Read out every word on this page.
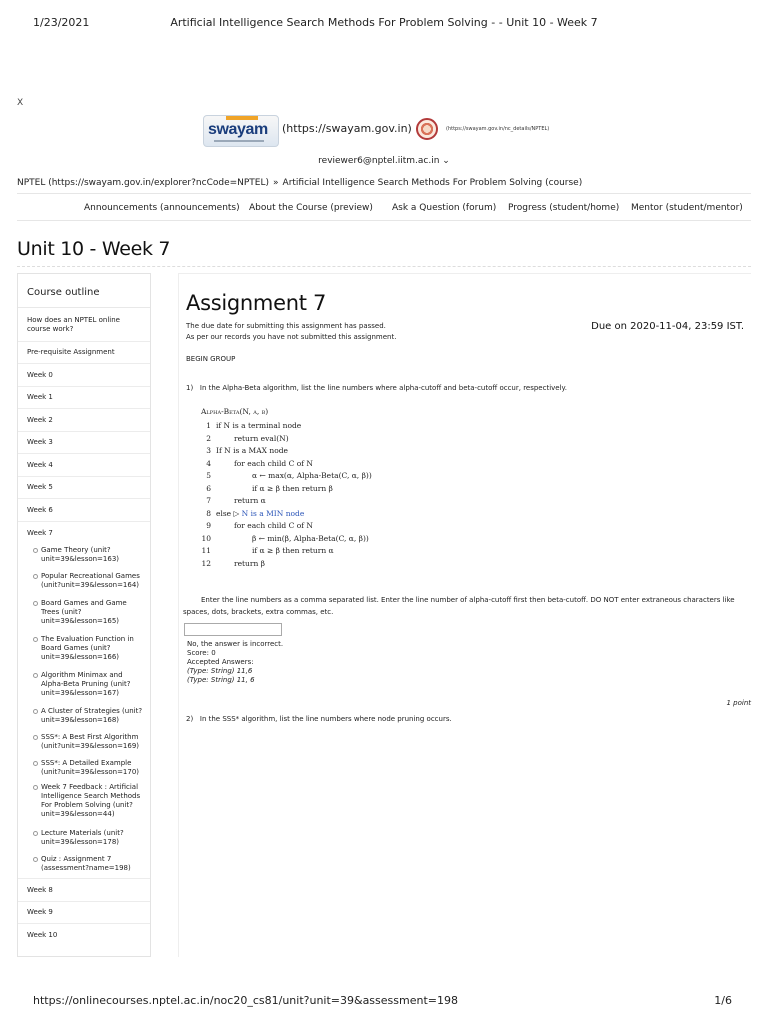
1/23/2021	Artificial Intelligence Search Methods For Problem Solving - - Unit 10 - Week 7
X
swayam (https://swayam.gov.in)	(https://swayam.gov.in/nc_details/NPTEL)
reviewer6@nptel.iitm.ac.in ⌄
NPTEL (https://swayam.gov.in/explorer?ncCode=NPTEL) » Artificial Intelligence Search Methods For Problem Solving (course)
Announcements (announcements) About the Course (preview) Ask a Question (forum) Progress (student/home) Mentor (student/mentor)
Unit 10 - Week 7
Course outline
How does an NPTEL online course work?
Pre-requisite Assignment
Week 0
Week 1
Week 2
Week 3
Week 4
Week 5
Week 6
Week 7
Game Theory (unit?unit=39&lesson=163)
Popular Recreational Games (unit?unit=39&lesson=164)
Board Games and Game Trees (unit?unit=39&lesson=165)
The Evaluation Function in Board Games (unit?unit=39&lesson=166)
Algorithm Minimax and Alpha-Beta Pruning (unit?unit=39&lesson=167)
A Cluster of Strategies (unit?unit=39&lesson=168)
SSS*: A Best First Algorithm (unit?unit=39&lesson=169)
SSS*: A Detailed Example (unit?unit=39&lesson=170)
Week 7 Feedback : Artificial Intelligence Search Methods For Problem Solving (unit?unit=39&lesson=44)
Lecture Materials (unit?unit=39&lesson=178)
Quiz : Assignment 7 (assessment?name=198)
Week 8
Week 9
Week 10
Assignment 7
The due date for submitting this assignment has passed.
As per our records you have not submitted this assignment.
Due on 2020-11-04, 23:59 IST.
BEGIN GROUP
1) In the Alpha-Beta algorithm, list the line numbers where alpha-cutoff and beta-cutoff occur, respectively.
Alpha-Beta(N, α, β)
1 if N is a terminal node
2	return eval(N)
3 If N is a MAX node
4	for each child C of N
5	α ← max(α, Alpha-Beta(C, α, β))
6	if α ≥ β then return β
7	return α
8 else ▷ N is a MIN node
9	for each child C of N
10	β ← min(β, Alpha-Beta(C, α, β))
11	if α ≥ β then return α
12	return β
Enter the line numbers as a comma separated list. Enter the line number of alpha-cutoff first then beta-cutoff. DO NOT enter extraneous characters like spaces, dots, brackets, extra commas, etc.
No, the answer is incorrect.
Score: 0
Accepted Answers:
(Type: String) 11,6
(Type: String) 11, 6
1 point
2) In the SSS* algorithm, list the line numbers where node pruning occurs.
https://onlinecourses.nptel.ac.in/noc20_cs81/unit?unit=39&assessment=198	1/6
